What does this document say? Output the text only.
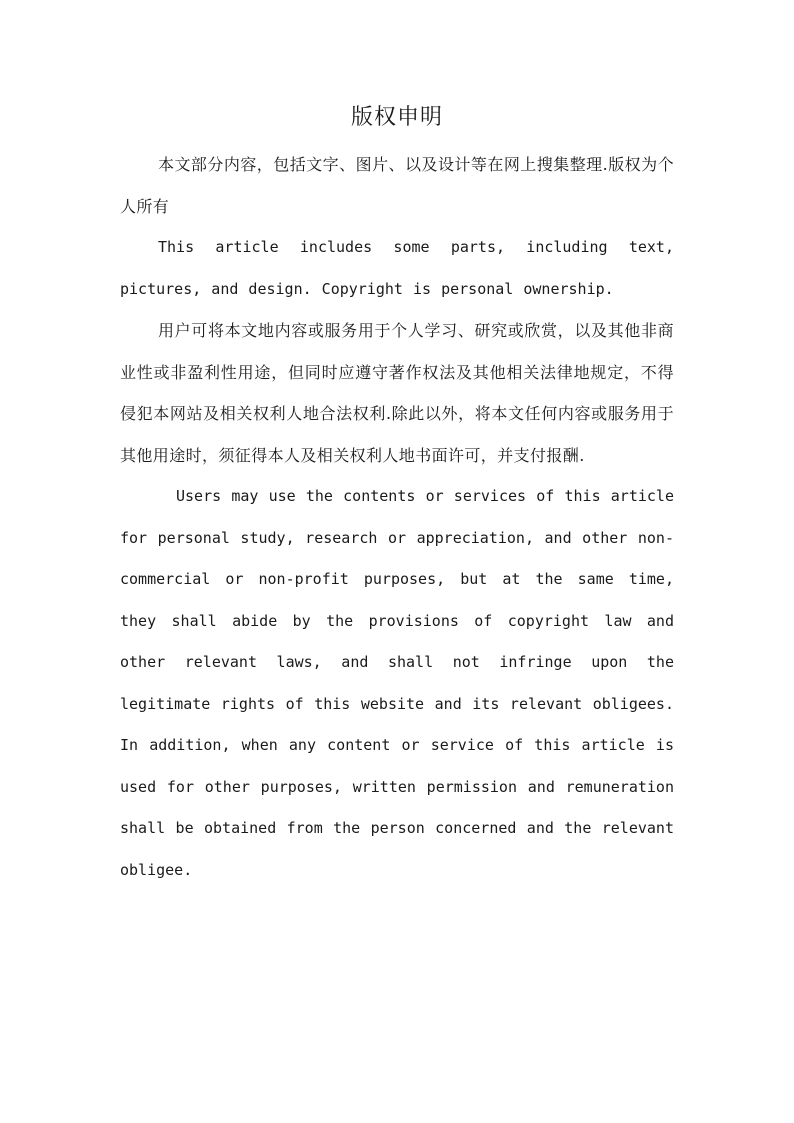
版权申明

本文部分内容，包括文字、图片、以及设计等在网上搜集整理.版权为个人所有

This article includes some parts, including text, pictures, and design. Copyright is personal ownership.

用户可将本文地内容或服务用于个人学习、研究或欣赏，以及其他非商业性或非盈利性用途，但同时应遵守著作权法及其他相关法律地规定，不得侵犯本网站及相关权利人地合法权利.除此以外，将本文任何内容或服务用于其他用途时，须征得本人及相关权利人地书面许可，并支付报酬.

Users may use the contents or services of this article for personal study, research or appreciation, and other non-commercial or non-profit purposes, but at the same time, they shall abide by the provisions of copyright law and other relevant laws, and shall not infringe upon the legitimate rights of this website and its relevant obligees. In addition, when any content or service of this article is used for other purposes, written permission and remuneration shall be obtained from the person concerned and the relevant obligee.
